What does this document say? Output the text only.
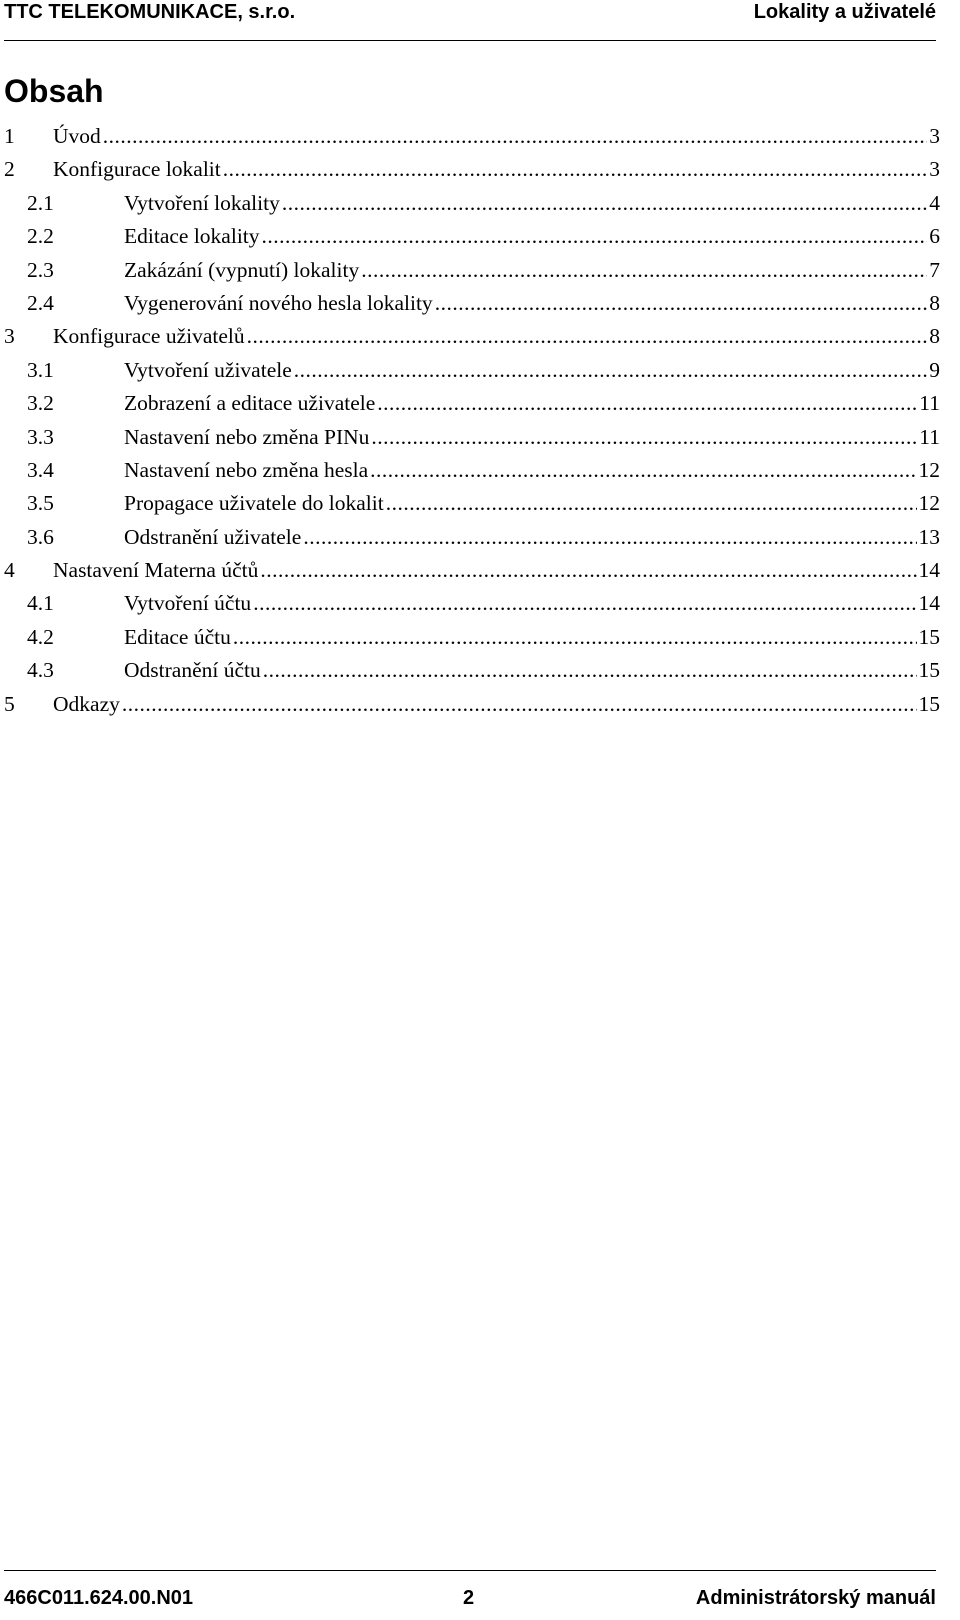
TTC TELEKOMUNIKACE, s.r.o.	Lokality a uživatelé
Obsah
1	Úvod .....	3
2	Konfigurace lokalit .....	3
2.1	Vytvoření lokality .....	4
2.2	Editace lokality .....	6
2.3	Zakázání (vypnutí) lokality .....	7
2.4	Vygenerování nového hesla lokality .....	8
3	Konfigurace uživatelů .....	8
3.1	Vytvoření uživatele .....	9
3.2	Zobrazení a editace uživatele .....	11
3.3	Nastavení nebo změna PINu .....	11
3.4	Nastavení nebo změna hesla .....	12
3.5	Propagace uživatele do lokalit .....	12
3.6	Odstranění uživatele .....	13
4	Nastavení Materna účtů .....	14
4.1	Vytvoření účtu .....	14
4.2	Editace účtu .....	15
4.3	Odstranění účtu .....	15
5	Odkazy .....	15
466C011.624.00.N01	2	Administrátorský manuál
